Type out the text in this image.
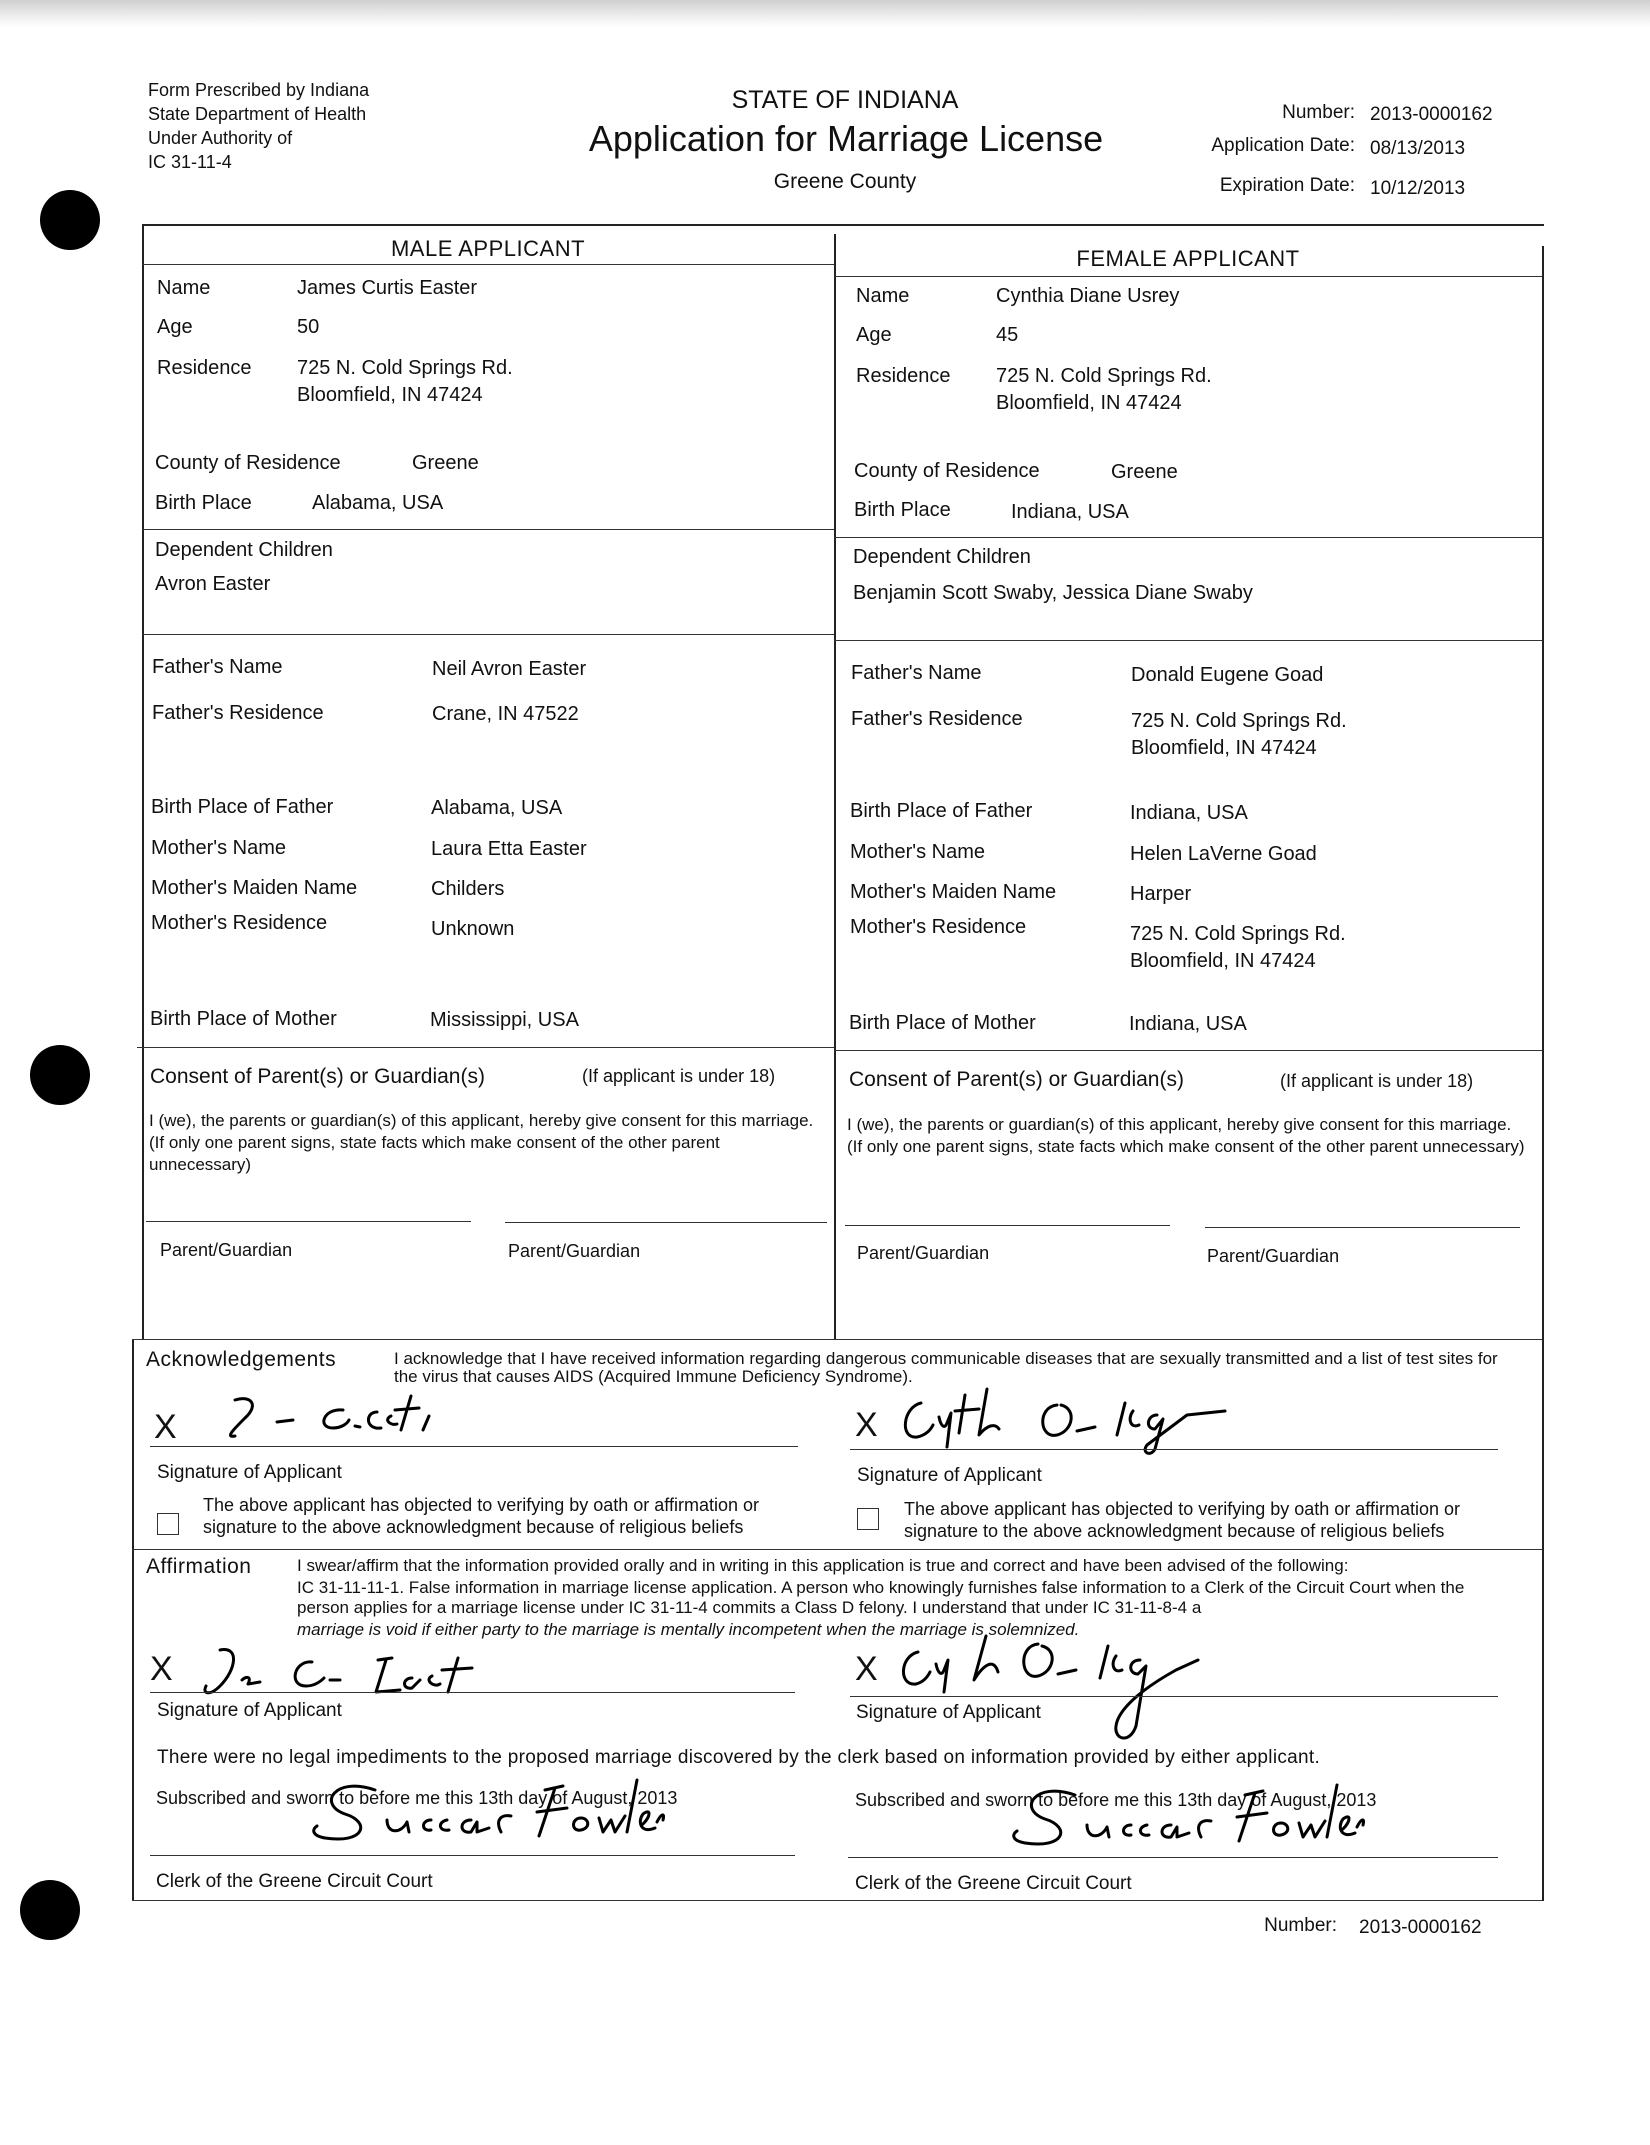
Form Prescribed by Indiana
State Department of Health
Under Authority of
IC 31-11-4
STATE OF INDIANA
Application for Marriage License
Greene County
Number: 2013-0000162
Application Date: 08/13/2013
Expiration Date: 10/12/2013
MALE APPLICANT	FEMALE APPLICANT
Name	James Curtis Easter
Age	50
Residence 725 N. Cold Springs Rd.
Bloomfield, IN 47424
County of Residence	Greene
Birth Place	Alabama, USA
Dependent Children
Avron Easter
Father's Name	Neil Avron Easter
Father's Residence	Crane, IN 47522
Birth Place of Father	Alabama, USA
Mother's Name	Laura Etta Easter
Mother's Maiden Name	Childers
Mother's Residence	Unknown
Birth Place of Mother	Mississippi, USA
Name	Cynthia Diane Usrey
Age	45
Residence 725 N. Cold Springs Rd.
Bloomfield, IN 47424
County of Residence	Greene
Birth Place	Indiana, USA
Dependent Children
Benjamin Scott Swaby, Jessica Diane Swaby
Father's Name	Donald Eugene Goad
Father's Residence	725 N. Cold Springs Rd.
Bloomfield, IN 47424
Birth Place of Father	Indiana, USA
Mother's Name	Helen LaVerne Goad
Mother's Maiden Name	Harper
Mother's Residence	725 N. Cold Springs Rd.
Bloomfield, IN 47424
Birth Place of Mother	Indiana, USA
Consent of Parent(s) or Guardian(s)	(If applicant is under 18)
I (we), the parents or guardian(s) of this applicant, hereby give consent for this marriage. (If only one parent signs, state facts which make consent of the other parent unnecessary)
Parent/Guardian	Parent/Guardian
Consent of Parent(s) or Guardian(s)	(If applicant is under 18)
I (we), the parents or guardian(s) of this applicant, hereby give consent for this marriage. (If only one parent signs, state facts which make consent of the other parent unnecessary)
Parent/Guardian	Parent/Guardian
Acknowledgements	I acknowledge that I have received information regarding dangerous communicable diseases that are sexually transmitted and a list of test sites for the virus that causes AIDS (Acquired Immune Deficiency Syndrome).
X
Signature of Applicant
The above applicant has objected to verifying by oath or affirmation or signature to the above acknowledgment because of religious beliefs
X
Signature of Applicant
The above applicant has objected to verifying by oath or affirmation or signature to the above acknowledgment because of religious beliefs
Affirmation	I swear/affirm that the information provided orally and in writing in this application is true and correct and have been advised of the following:
IC 31-11-11-1. False information in marriage license application. A person who knowingly furnishes false information to a Clerk of the Circuit Court when the person applies for a marriage license under IC 31-11-4 commits a Class D felony. I understand that under IC 31-11-8-4 a
marriage is void if either party to the marriage is mentally incompetent when the marriage is solemnized.
X
Signature of Applicant
X
Signature of Applicant
There were no legal impediments to the proposed marriage discovered by the clerk based on information provided by either applicant.
Subscribed and sworn to before me this 13th day of August, 2013
Clerk of the Greene Circuit Court
Subscribed and sworn to before me this 13th day of August, 2013
Clerk of the Greene Circuit Court
Number: 2013-0000162
